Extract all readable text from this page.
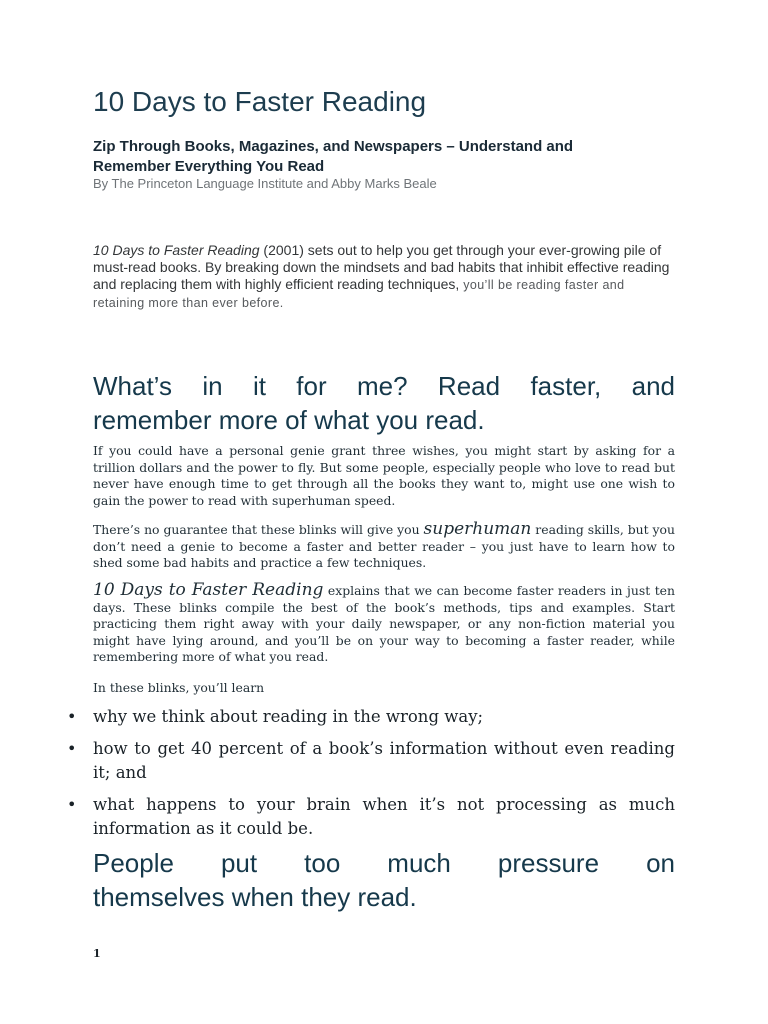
10 Days to Faster Reading

Zip Through Books, Magazines, and Newspapers – Understand and Remember Everything You Read

By The Princeton Language Institute and Abby Marks Beale

10 Days to Faster Reading (2001) sets out to help you get through your ever-growing pile of must-read books. By breaking down the mindsets and bad habits that inhibit effective reading and replacing them with highly efficient reading techniques, you’ll be reading faster and retaining more than ever before.

What’s in it for me? Read faster, and
remember more of what you read.

If you could have a personal genie grant three wishes, you might start by asking for a trillion dollars and the power to fly. But some people, especially people who love to read but never have enough time to get through all the books they want to, might use one wish to gain the power to read with superhuman speed.

There’s no guarantee that these blinks will give you superhuman reading skills, but you don’t need a genie to become a faster and better reader – you just have to learn how to shed some bad habits and practice a few techniques.

10 Days to Faster Reading explains that we can become faster readers in just ten days. These blinks compile the best of the book’s methods, tips and examples. Start practicing them right away with your daily newspaper, or any non-fiction material you might have lying around, and you’ll be on your way to becoming a faster reader, while remembering more of what you read.

In these blinks, you’ll learn

• why we think about reading in the wrong way;
• how to get 40 percent of a book’s information without even reading it; and
• what happens to your brain when it’s not processing as much information as it could be.
People put too much pressure on
themselves when they read.

1
